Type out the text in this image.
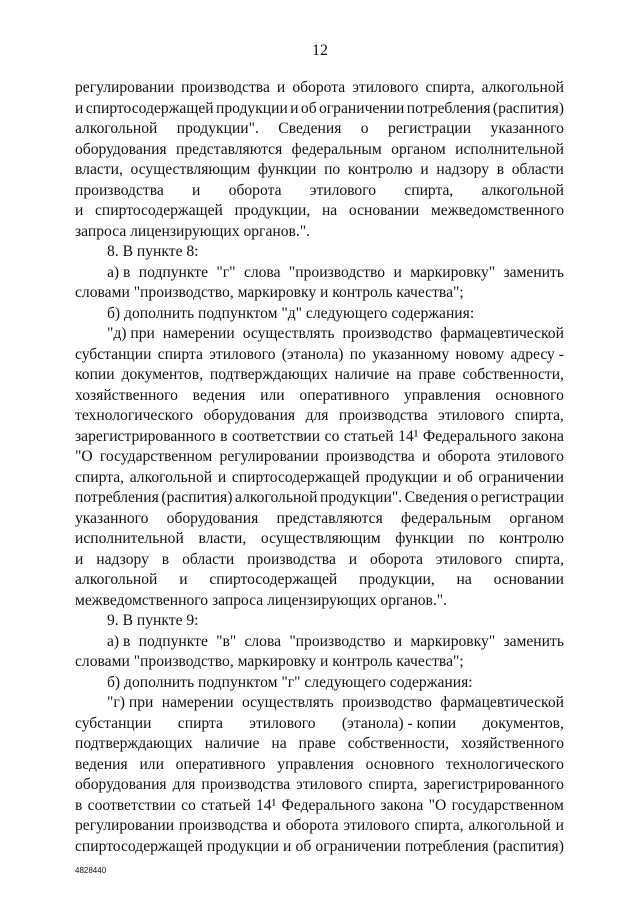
12
регулировании производства и оборота этилового спирта, алкогольной
и спиртосодержащей продукции и об ограничении потребления (распития)
алкогольной продукции". Сведения о регистрации указанного
оборудования представляются федеральным органом исполнительной
власти, осуществляющим функции по контролю и надзору в области
производства и оборота этилового спирта, алкогольной
и спиртосодержащей продукции, на основании межведомственного
запроса лицензирующих органов.".
8. В пункте 8:
а) в подпункте "г" слова "производство и маркировку" заменить
словами "производство, маркировку и контроль качества";
б) дополнить подпунктом "д" следующего содержания:
"д) при намерении осуществлять производство фармацевтической
субстанции спирта этилового (этанола) по указанному новому адресу -
копии документов, подтверждающих наличие на праве собственности,
хозяйственного ведения или оперативного управления основного
технологического оборудования для производства этилового спирта,
зарегистрированного в соответствии со статьей 14¹ Федерального закона
"О государственном регулировании производства и оборота этилового
спирта, алкогольной и спиртосодержащей продукции и об ограничении
потребления (распития) алкогольной продукции". Сведения о регистрации
указанного оборудования представляются федеральным органом
исполнительной власти, осуществляющим функции по контролю
и надзору в области производства и оборота этилового спирта,
алкогольной и спиртосодержащей продукции, на основании
межведомственного запроса лицензирующих органов.".
9. В пункте 9:
а) в подпункте "в" слова "производство и маркировку" заменить
словами "производство, маркировку и контроль качества";
б) дополнить подпунктом "г" следующего содержания:
"г) при намерении осуществлять производство фармацевтической
субстанции спирта этилового (этанола) - копии документов,
подтверждающих наличие на праве собственности, хозяйственного
ведения или оперативного управления основного технологического
оборудования для производства этилового спирта, зарегистрированного
в соответствии со статьей 14¹ Федерального закона "О государственном
регулировании производства и оборота этилового спирта, алкогольной и
спиртосодержащей продукции и об ограничении потребления (распития)
4828440
